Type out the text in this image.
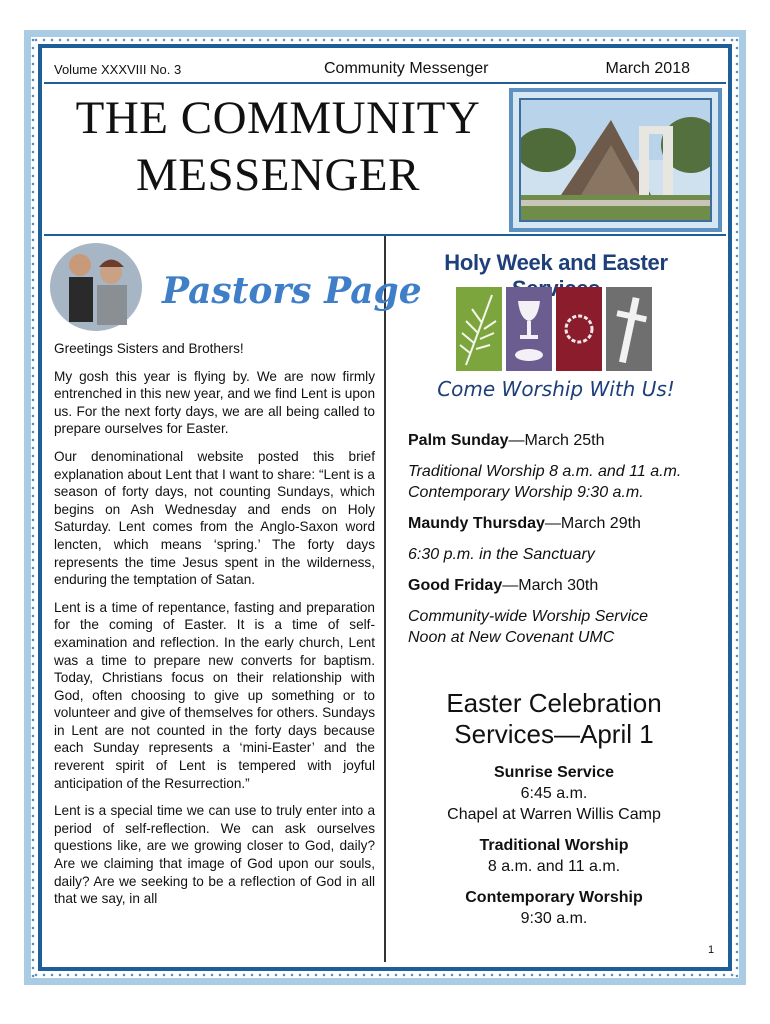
Volume XXXVIII No. 3	Community Messenger	March 2018
THE COMMUNITY
MESSENGER
Pastors Page

Greetings Sisters and Brothers!

My gosh this year is flying by. We are now firmly entrenched in this new year, and we find Lent is upon us. For the next forty days, we are all being called to prepare ourselves for Easter.

Our denominational website posted this brief explanation about Lent that I want to share: “Lent is a season of forty days, not counting Sundays, which begins on Ash Wednesday and ends on Holy Saturday. Lent comes from the Anglo-Saxon word lencten, which means ‘spring.’ The forty days represents the time Jesus spent in the wilderness, enduring the temptation of Satan.

Lent is a time of repentance, fasting and preparation for the coming of Easter. It is a time of self-examination and reflection. In the early church, Lent was a time to prepare new converts for baptism. Today, Christians focus on their relationship with God, often choosing to give up something or to volunteer and give of themselves for others. Sundays in Lent are not counted in the forty days because each Sunday represents a ‘mini-Easter’ and the reverent spirit of Lent is tempered with joyful anticipation of the Resurrection.”

Lent is a special time we can use to truly enter into a period of self-reflection. We can ask ourselves questions like, are we growing closer to God, daily? Are we claiming that image of God upon our souls, daily? Are we seeking to be a reflection of God in all that we say, in all

Holy Week and Easter
Come Worship With Us!
Palm Sunday—March 25th
Traditional Worship 8 a.m. and 11 a.m.
Contemporary Worship 9:30 a.m.
Maundy Thursday—March 29th
6:30 p.m. in the Sanctuary
Good Friday—March 30th
Community-wide Worship Service
Noon at New Covenant UMC
Easter Celebration
Services—April 1
Sunrise Service
6:45 a.m.
Chapel at Warren Willis Camp
Traditional Worship
8 a.m. and 11 a.m.
Contemporary Worship
9:30 a.m.
1
